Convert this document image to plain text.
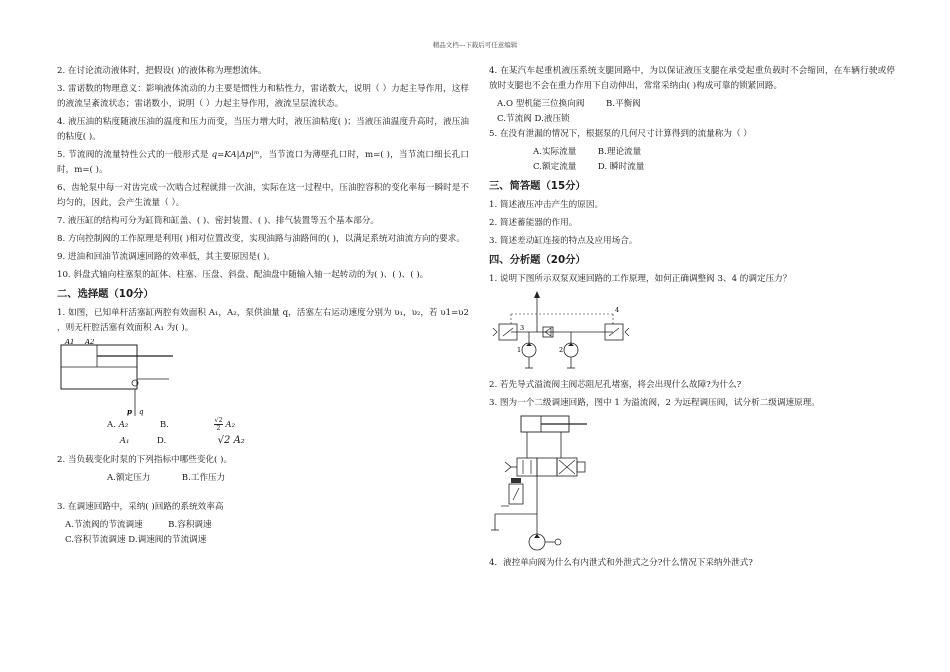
精品文档---下载后可任意编辑

2. 在讨论流动液体时，把假设( )的液体称为理想流体。

3. 雷诺数的物理意义：影响液体流动的力主要是惯性力和粘性力，雷诺数大，说明（ ）力起主导作用，这样的液流呈紊流状态；雷诺数小，说明（ ）力起主导作用，液流呈层流状态。

4. 液压油的粘度随液压油的温度和压力而变，当压力增大时，液压油粘度( )；当液压油温度升高时，液压油的粘度( )。

5. 节流阀的流量特性公式的一般形式是 q=KA|Δp|ᵐ，当节流口为薄壁孔口时，m=( )，当节流口细长孔口时，m=( )。

6、齿轮泵中每一对齿完成一次啮合过程就排一次油，实际在这一过程中，压油腔容积的变化率每一瞬时是不均匀的，因此，会产生流量（ ）。

7. 液压缸的结构可分为缸筒和缸盖、( )、密封装置、( )、排气装置等五个基本部分。

8. 方向控制阀的工作原理是利用( )相对位置改变，实现油路与油路间的( )，以满足系统对油流方向的要求。

9. 进油和回油节流调速回路的效率低，其主要原因是( )。

10. 斜盘式轴向柱塞泵的缸体、柱塞、压盘、斜盘、配油盘中随输入轴一起转动的为( )、( )、( )。

二、选择题（10分）

1. 如图，已知单杆活塞缸两腔有效面积 A₁，A₂，泵供油量 q，活塞左右运动速度分别为 υ₁，υ₂，若 υ1=υ2 ，则无杆腔活塞有效面积 A₁ 为( )。

A1 A2
p q
A. A₂	B.	$\frac{√2}{2} A_2$
A₁	D.	√2 A₂

2. 当负载变化时泵的下列指标中哪些变化( )。

A.额定压力	B.工作压力

3. 在调速回路中，采纳( )回路的系统效率高

A.节流阀的节流调速	B.容积调速
C.容积节流调速 D.调速阀的节流调速

4. 在某汽车起重机液压系统支腿回路中，为以保证液压支腿在承受起重负载时不会缩回，在车辆行驶或停放时支腿也不会在重力作用下自动伸出，常常采纳由( )构成可靠的锁紧回路。

A.O 型机能三位换向阀 B.平衡阀
C.节流阀 D.液压锁

5. 在没有泄漏的情况下，根据泵的几何尺寸计算得到的流量称为（ ）

A.实际流量 B.理论流量
C.额定流量 D. 瞬时流量
三、简答题（15分）

1. 简述液压冲击产生的原因。

2. 简述蓄能器的作用。

3. 简述差动缸连接的特点及应用场合。

四、分析题（20分）

1. 说明下图所示双泵双速回路的工作原理，如何正确调整阀 3、4 的调定压力？

1	2
3
4

2. 若先导式溢流阀主阀芯阻尼孔堵塞，将会出现什么故障?为什么?

3. 图为一个二级调速回路，图中 1 为溢流阀，2 为远程调压阀，试分析二级调速原理。

4．液控单向阀为什么有内泄式和外泄式之分?什么情况下采纳外泄式?
